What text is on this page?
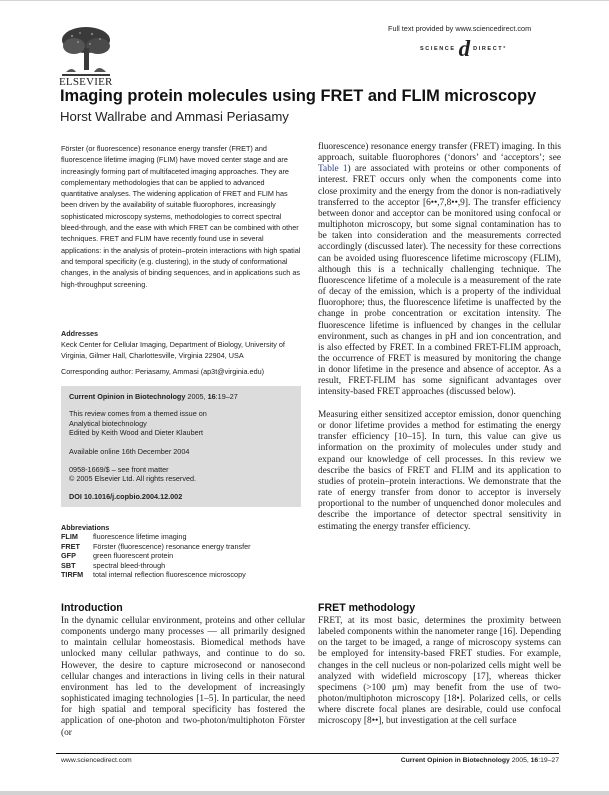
ELSEVIER
Full text provided by www.sciencedirect.com
SCIENCE d DIRECT°
Imaging protein molecules using FRET and FLIM microscopy
Horst Wallrabe and Ammasi Periasamy

Förster (or fluorescence) resonance energy transfer (FRET) and fluorescence lifetime imaging (FLIM) have moved center stage and are increasingly forming part of multifaceted imaging approaches. They are complementary methodologies that can be applied to advanced quantitative analyses. The widening application of FRET and FLIM has been driven by the availability of suitable fluorophores, increasingly sophisticated microscopy systems, methodologies to correct spectral bleed-through, and the ease with which FRET can be combined with other techniques. FRET and FLIM have recently found use in several applications: in the analysis of protein–protein interactions with high spatial and temporal specificity (e.g. clustering), in the study of conformational changes, in the analysis of binding sequences, and in applications such as high-throughput screening.

Addresses
Keck Center for Cellular Imaging, Department of Biology, University of Virginia, Gilmer Hall, Charlottesville, Virginia 22904, USA
Corresponding author: Periasamy, Ammasi (ap3t@virginia.edu)
Current Opinion in Biotechnology 2005, 16:19–27
This review comes from a themed issue on
Analytical biotechnology
Edited by Keith Wood and Dieter Klaubert
Available online 16th December 2004
0958-1669/$ – see front matter
© 2005 Elsevier Ltd. All rights reserved.
DOI 10.1016/j.copbio.2004.12.002
Abbreviations
FLIM	fluorescence lifetime imaging
FRET	Förster (fluorescence) resonance energy transfer
GFP	green fluorescent protein
SBT	spectral bleed-through
TIRFM	total internal reflection fluorescence microscopy
Introduction

In the dynamic cellular environment, proteins and other cellular components undergo many processes — all primarily designed to maintain cellular homeostasis. Biomedical methods have unlocked many cellular pathways, and continue to do so. However, the desire to capture microsecond or nanosecond cellular changes and interactions in living cells in their natural environment has led to the development of increasingly sophisticated imaging technologies [1–5]. In particular, the need for high spatial and temporal specificity has fostered the application of one-photon and two-photon/multiphoton Förster (or

fluorescence) resonance energy transfer (FRET) imaging. In this approach, suitable fluorophores (‘donors’ and ‘acceptors’; see Table 1) are associated with proteins or other components of interest. FRET occurs only when the components come into close proximity and the energy from the donor is non-radiatively transferred to the acceptor [6••,7,8••,9]. The transfer efficiency between donor and acceptor can be monitored using confocal or multiphoton microscopy, but some signal contamination has to be taken into consideration and the measurements corrected accordingly (discussed later). The necessity for these corrections can be avoided using fluorescence lifetime microscopy (FLIM), although this is a technically challenging technique. The fluorescence lifetime of a molecule is a measurement of the rate of decay of the emission, which is a property of the individual fluorophore; thus, the fluorescence lifetime is unaffected by the change in probe concentration or excitation intensity. The fluorescence lifetime is influenced by changes in the cellular environment, such as changes in pH and ion concentration, and is also effected by FRET. In a combined FRET-FLIM approach, the occurrence of FRET is measured by monitoring the change in donor lifetime in the presence and absence of acceptor. As a result, FRET-FLIM has some significant advantages over intensity-based FRET approaches (discussed below).

Measuring either sensitized acceptor emission, donor quenching or donor lifetime provides a method for estimating the energy transfer efficiency [10–15]. In turn, this value can give us information on the proximity of molecules under study and expand our knowledge of cell processes. In this review we describe the basics of FRET and FLIM and its application to studies of protein–protein interactions. We demonstrate that the rate of energy transfer from donor to acceptor is inversely proportional to the number of unquenched donor molecules and describe the importance of detector spectral sensitivity in estimating the energy transfer efficiency.

FRET methodology

FRET, at its most basic, determines the proximity between labeled components within the nanometer range [16]. Depending on the target to be imaged, a range of microscopy systems can be employed for intensity-based FRET studies. For example, changes in the cell nucleus or non-polarized cells might well be analyzed with widefield microscopy [17], whereas thicker specimens (>100 μm) may benefit from the use of two-photon/multiphoton microscopy [18•]. Polarized cells, or cells where discrete focal planes are desirable, could use confocal microscopy [8••], but investigation at the cell surface

www.sciencedirect.com	Current Opinion in Biotechnology 2005, 16:19–27
